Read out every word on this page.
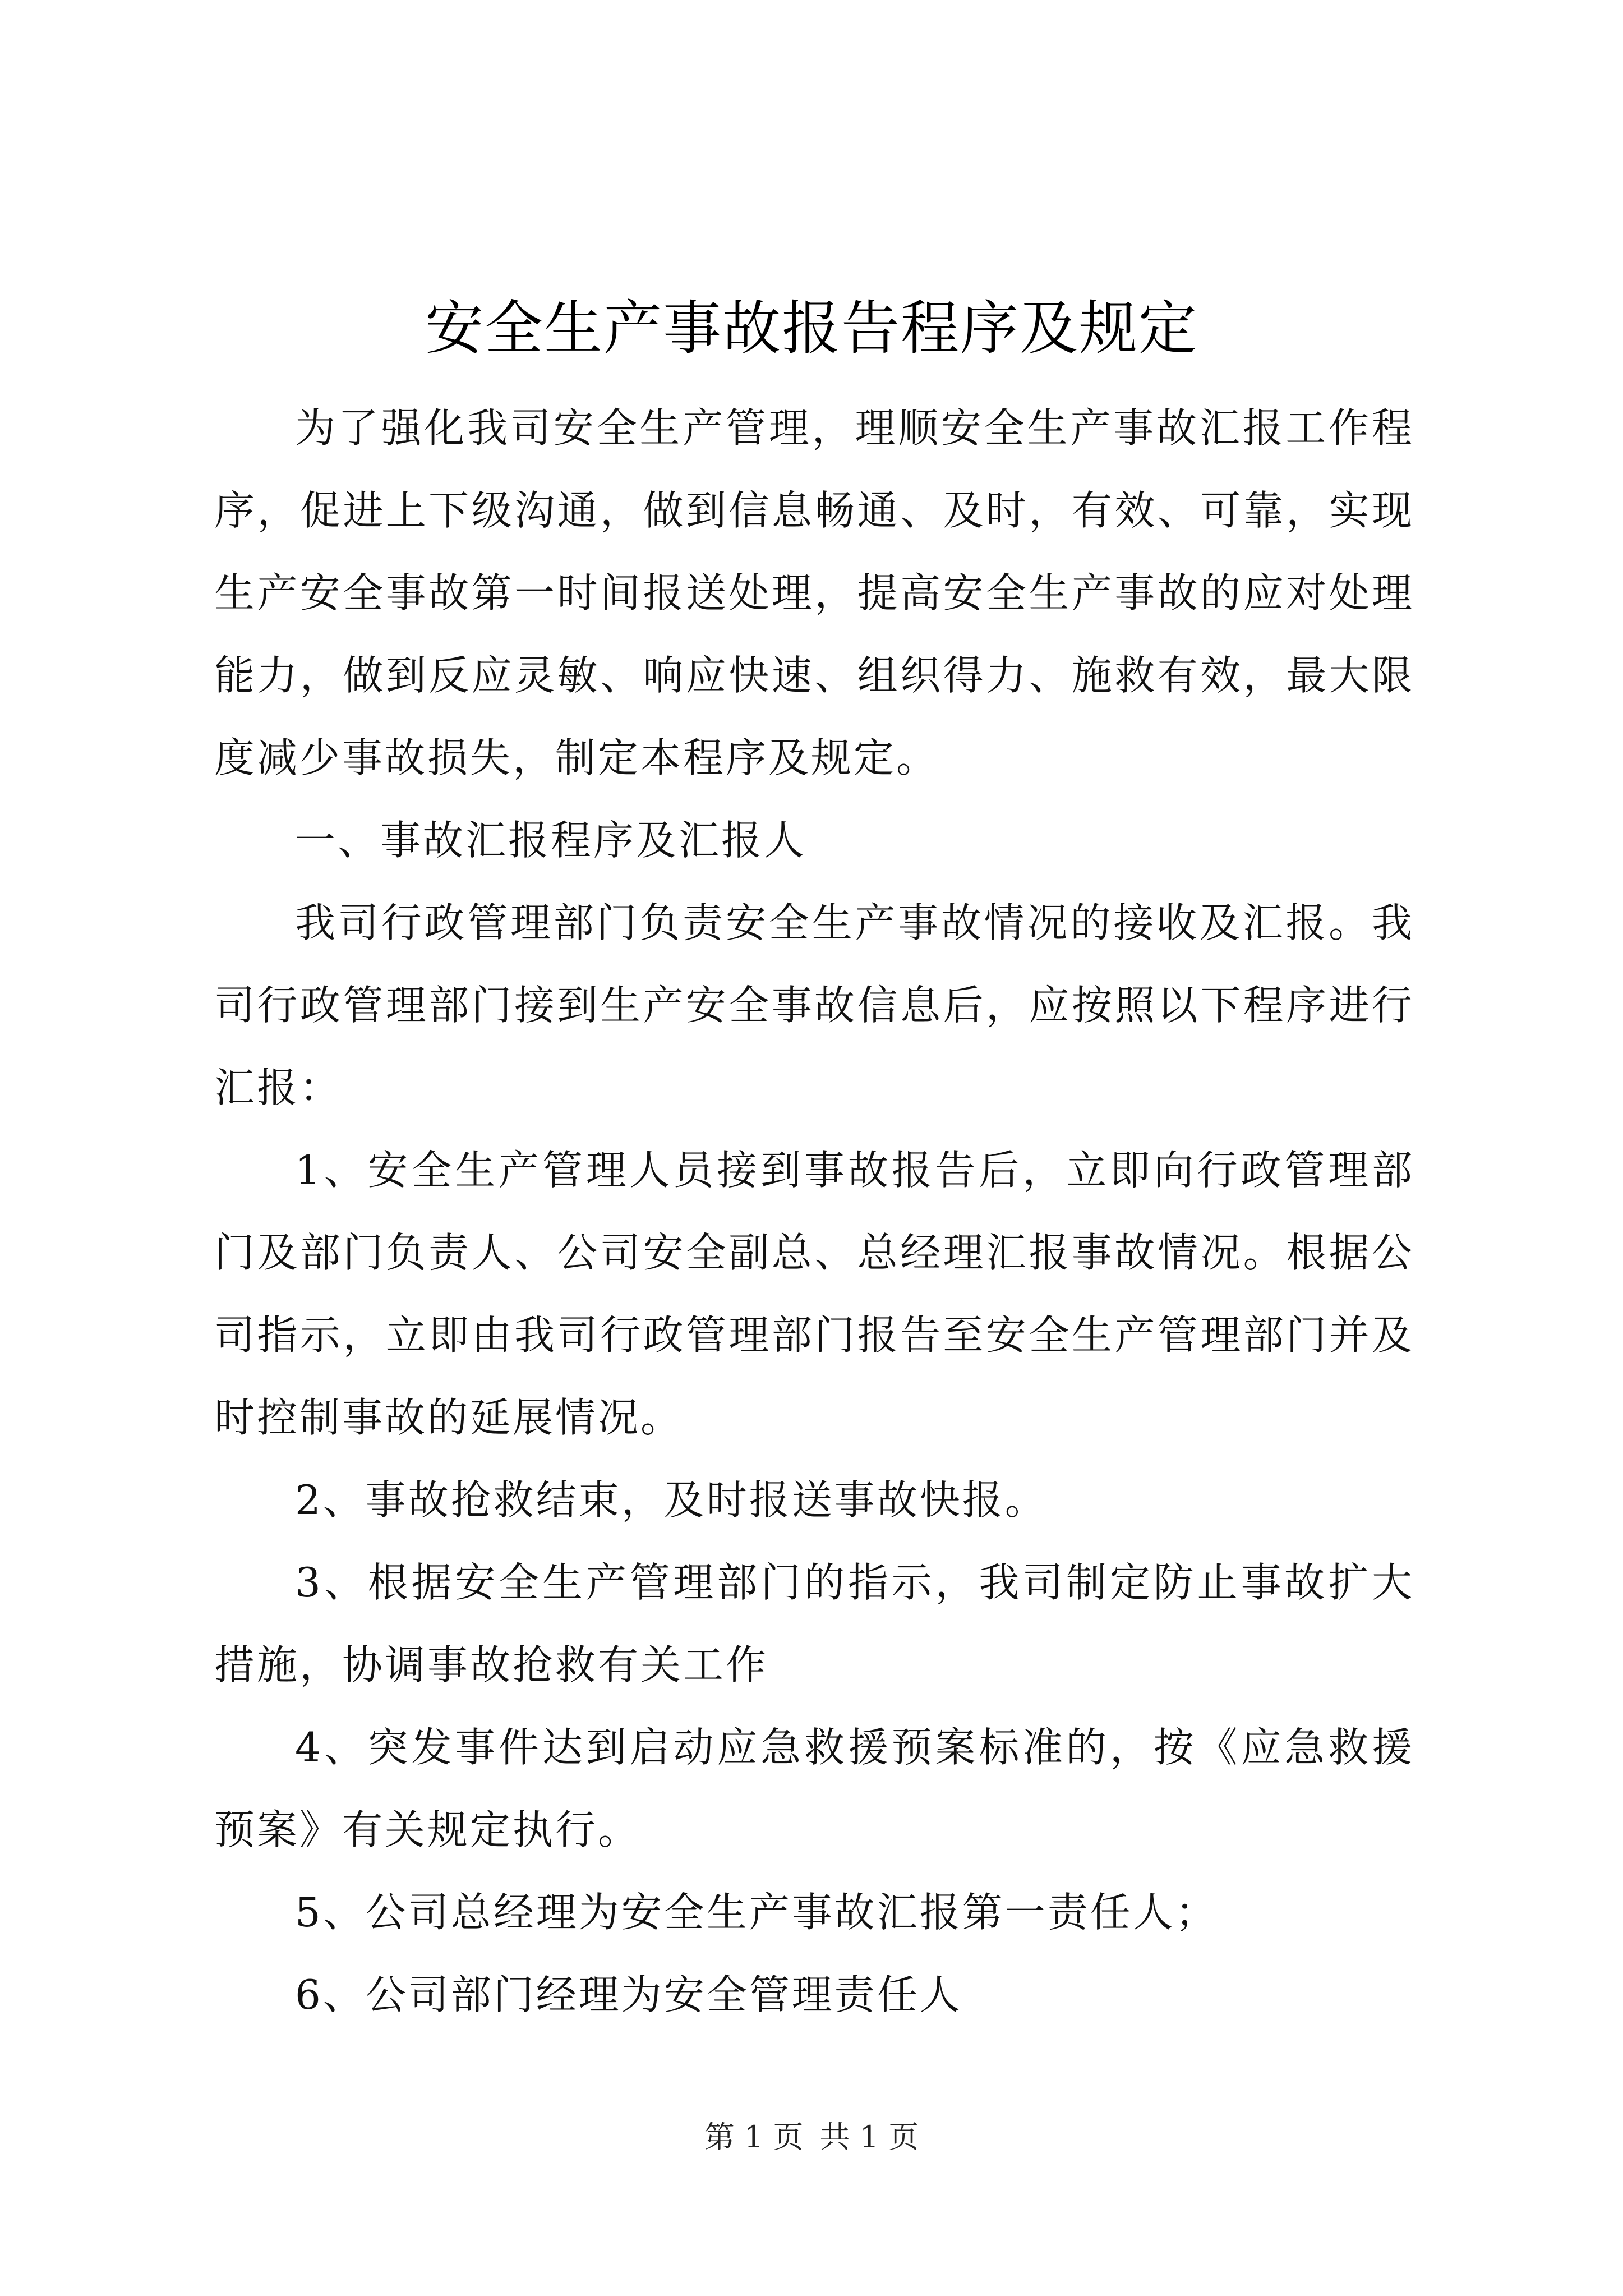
安全生产事故报告程序及规定

为了强化我司安全生产管理，理顺安全生产事故汇报工作程序，促进上下级沟通，做到信息畅通、及时，有效、可靠，实现生产安全事故第一时间报送处理，提高安全生产事故的应对处理能力，做到反应灵敏、响应快速、组织得力、施救有效，最大限度减少事故损失，制定本程序及规定。

一、事故汇报程序及汇报人

我司行政管理部门负责安全生产事故情况的接收及汇报。我司行政管理部门接到生产安全事故信息后，应按照以下程序进行汇报：

1、安全生产管理人员接到事故报告后，立即向行政管理部门及部门负责人、公司安全副总、总经理汇报事故情况。根据公司指示，立即由我司行政管理部门报告至安全生产管理部门并及时控制事故的延展情况。

2、事故抢救结束，及时报送事故快报。

3、根据安全生产管理部门的指示，我司制定防止事故扩大措施，协调事故抢救有关工作

4、突发事件达到启动应急救援预案标准的，按《应急救援预案》有关规定执行。

5、公司总经理为安全生产事故汇报第一责任人；

6、公司部门经理为安全管理责任人

第 1 页 共 1 页
